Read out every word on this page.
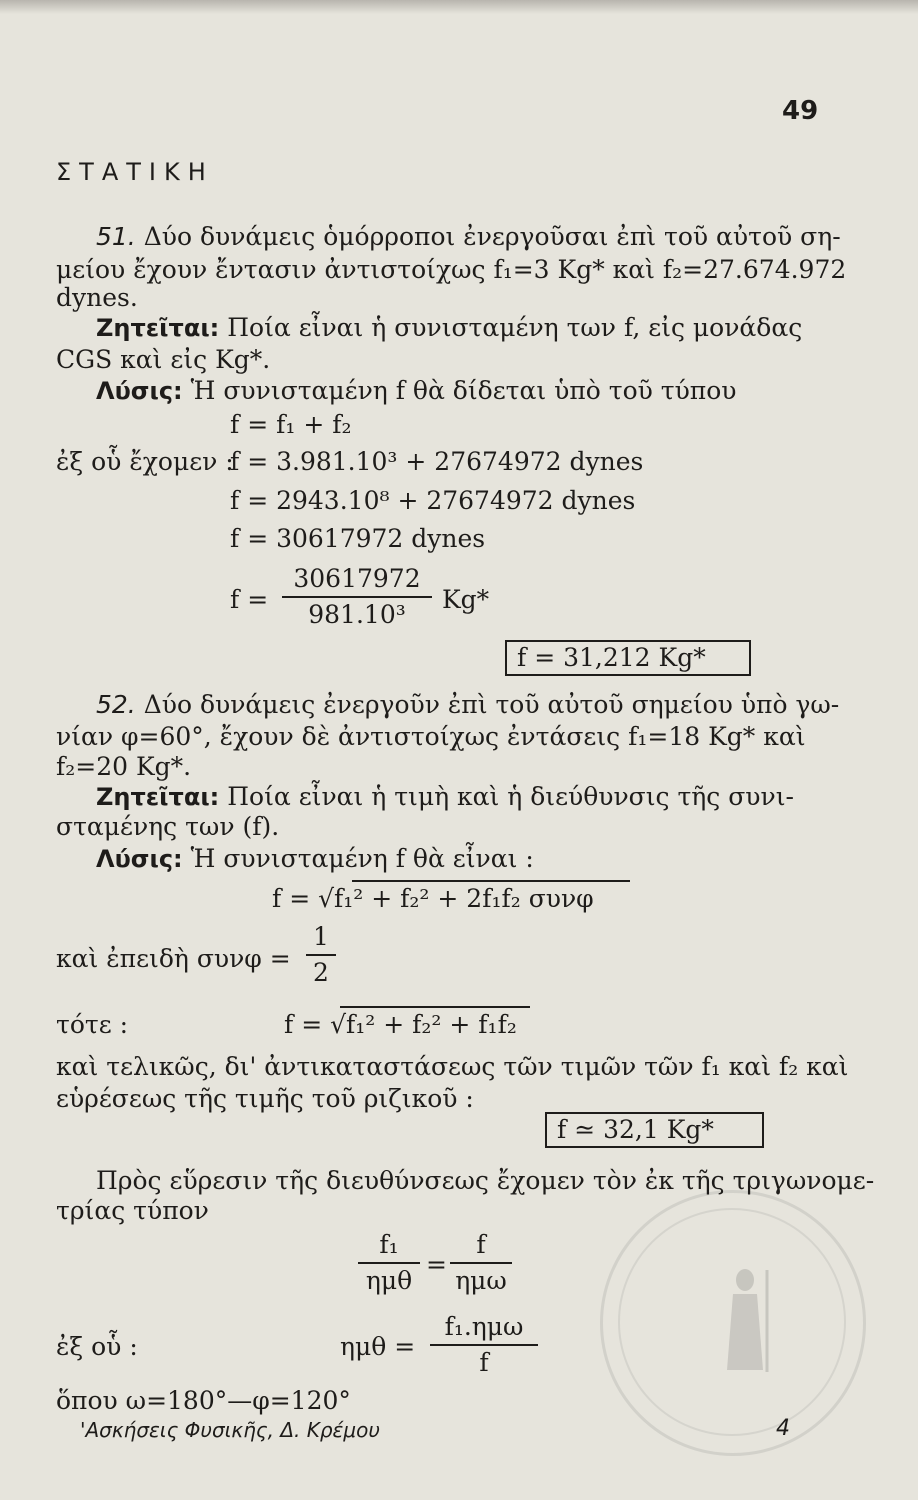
49
ΣΤΑΤΙΚΗ
51. Δύο δυνάμεις ὁμόρροποι ἐνεργοῦσαι ἐπὶ τοῦ αὐτοῦ ση-
μείου ἔχουν ἔντασιν ἀντιστοίχως f₁=3 Kg* καὶ f₂=27.674.972
dynes.
Ζητεῖται: Ποία εἶναι ἡ συνισταμένη των f, εἰς μονάδας
CGS καὶ εἰς Kg*.
Λύσις: Ἡ συνισταμένη f θὰ δίδεται ὑπὸ τοῦ τύπου
f = f₁ + f₂
ἐξ οὗ ἔχομεν :
f = 3.981.10³ + 27674972 dynes
f = 2943.10⁸ + 27674972 dynes
f = 30617972 dynes
f =
30617972
981.10³
Kg*
f = 31,212 Kg*
52. Δύο δυνάμεις ἐνεργοῦν ἐπὶ τοῦ αὐτοῦ σημείου ὑπὸ γω-
νίαν φ=60°, ἔχουν δὲ ἀντιστοίχως ἐντάσεις f₁=18 Kg* καὶ
f₂=20 Kg*.
Ζητεῖται: Ποία εἶναι ἡ τιμὴ καὶ ἡ διεύθυνσις τῆς συνι-
σταμένης των (f).
Λύσις: Ἡ συνισταμένη f θὰ εἶναι :
f = √f₁² + f₂² + 2f₁f₂ συνφ
καὶ ἐπειδὴ συνφ =
1
2
τότε :	f = √f₁² + f₂² + f₁f₂
καὶ τελικῶς, δι' ἀντικαταστάσεως τῶν τιμῶν τῶν f₁ καὶ f₂ καὶ
εὑρέσεως τῆς τιμῆς τοῦ ριζικοῦ :
f ≃ 32,1 Kg*
Πρὸς εὕρεσιν τῆς διευθύνσεως ἔχομεν τὸν ἐκ τῆς τριγωνομε-
τρίας τύπον
f₁
ημθ
=
f
ημω
ἐξ οὗ :	ημθ =
f₁.ημω
f
ὅπου ω=180°—φ=120°
'Ασκήσεις Φυσικῆς, Δ. Κρέμου	4
